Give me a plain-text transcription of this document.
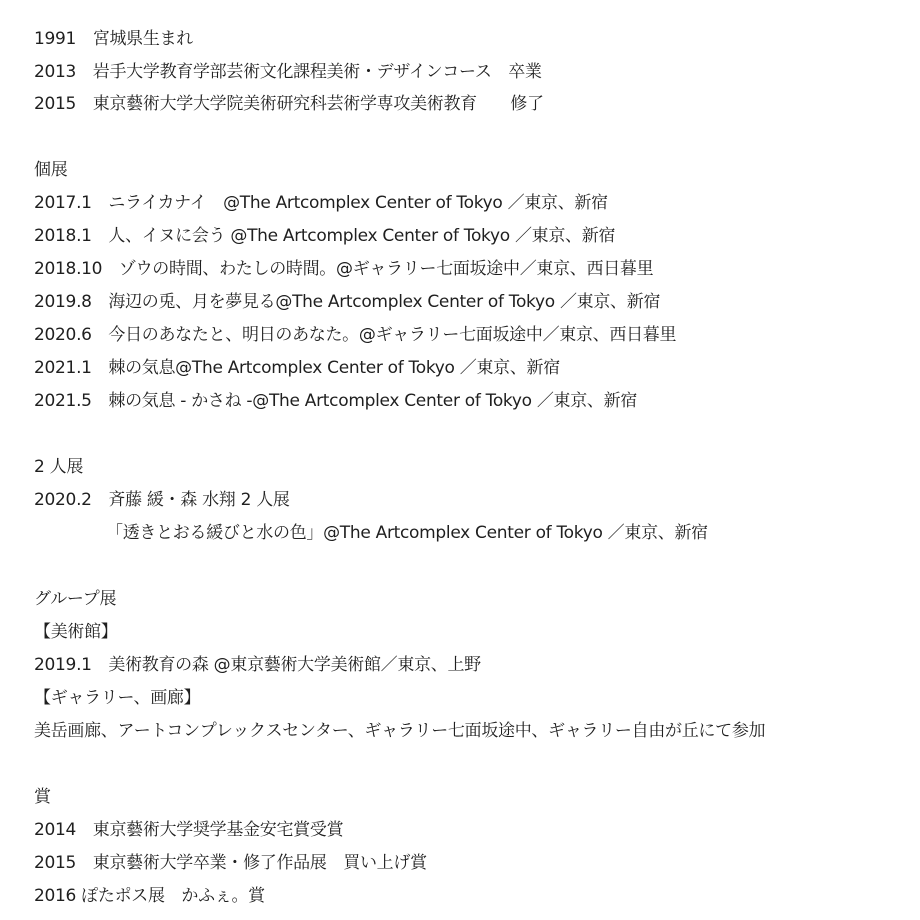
1991　宮城県生まれ
2013　岩手大学教育学部芸術文化課程美術・デザインコース　卒業
2015　東京藝術大学大学院美術研究科芸術学専攻美術教育　　修了
個展
2017.1　ニライカナイ　@The Artcomplex Center of Tokyo ／東京、新宿
2018.1　人、イヌに会う @The Artcomplex Center of Tokyo ／東京、新宿
2018.10　ゾウの時間、わたしの時間。@ギャラリー七面坂途中／東京、西日暮里
2019.8　海辺の兎、月を夢見る@The Artcomplex Center of Tokyo ／東京、新宿
2020.6　今日のあなたと、明日のあなた。@ギャラリー七面坂途中／東京、西日暮里
2021.1　棘の気息@The Artcomplex Center of Tokyo ／東京、新宿
2021.5　棘の気息 - かさね -@The Artcomplex Center of Tokyo ／東京、新宿
2 人展
2020.2　斉藤 緩・森 水翔 2 人展
「透きとおる緩びと水の色」@The Artcomplex Center of Tokyo ／東京、新宿
グループ展
【美術館】
2019.1　美術教育の森 @東京藝術大学美術館／東京、上野
【ギャラリー、画廊】
美岳画廊、アートコンプレックスセンター、ギャラリー七面坂途中、ギャラリー自由が丘にて参加
賞
2014　東京藝術大学奨学基金安宅賞受賞
2015　東京藝術大学卒業・修了作品展　買い上げ賞
2016 ぽたポス展　かふぇ。賞
